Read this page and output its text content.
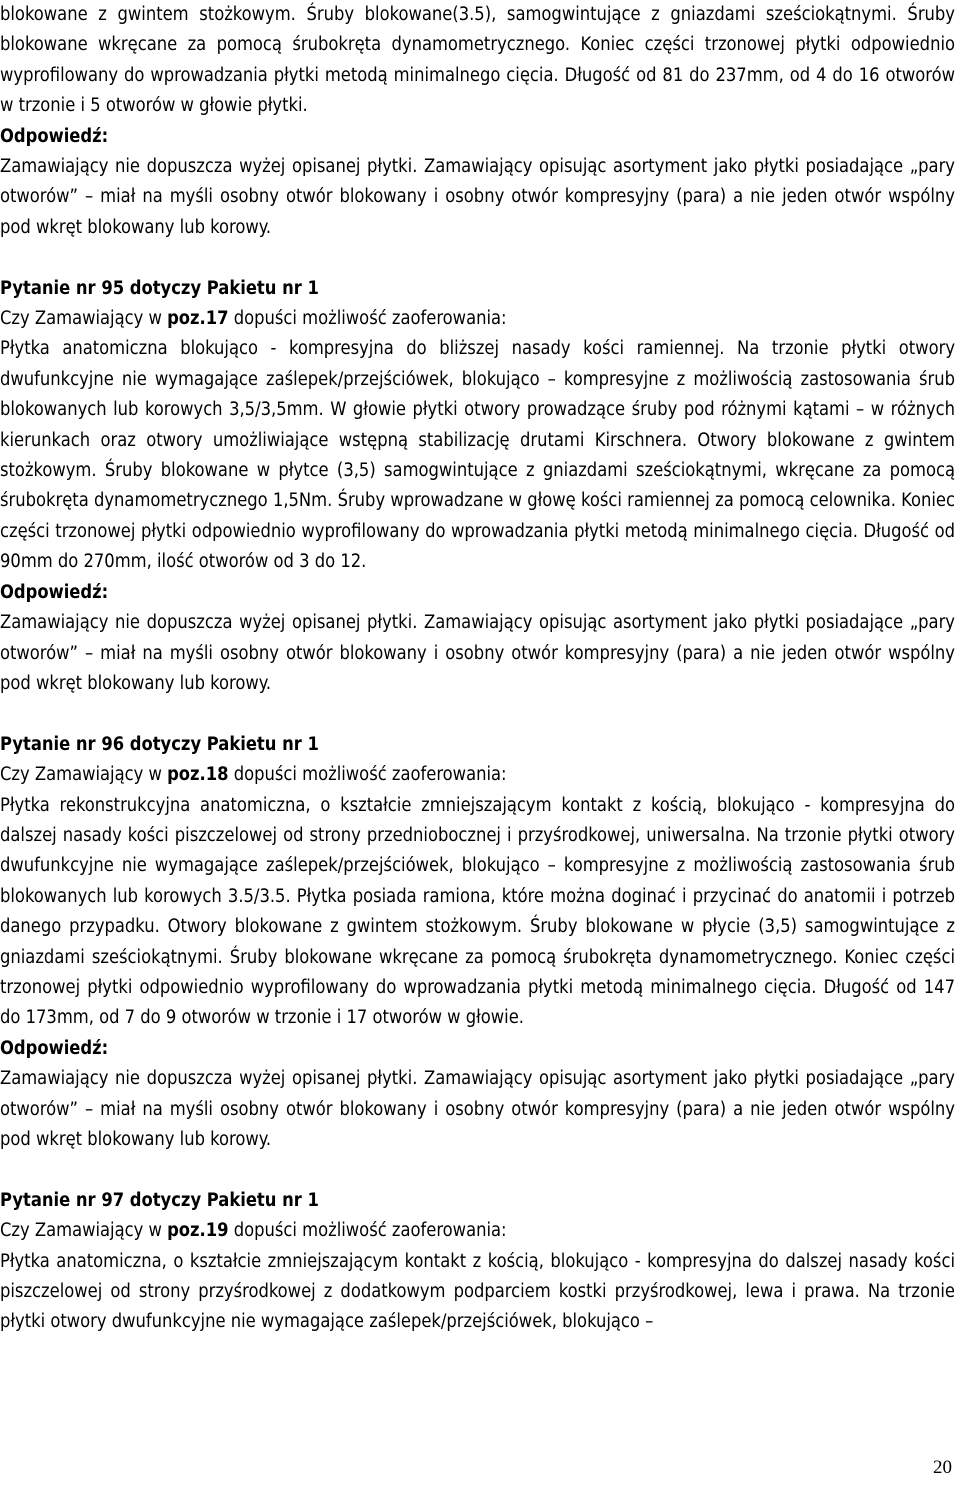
blokowane z gwintem stożkowym. Śruby blokowane(3.5), samogwintujące z gniazdami sześciokątnymi. Śruby blokowane wkręcane za pomocą śrubokręta dynamometrycznego. Koniec części trzonowej płytki odpowiednio wyprofilowany do wprowadzania płytki metodą minimalnego cięcia. Długość od 81 do 237mm, od 4 do 16 otworów w trzonie i 5 otworów w głowie płytki.

Odpowiedź:

Zamawiający nie dopuszcza wyżej opisanej płytki. Zamawiający opisując asortyment jako płytki posiadające „pary otworów” – miał na myśli osobny otwór blokowany i osobny otwór kompresyjny (para) a nie jeden otwór wspólny pod wkręt blokowany lub korowy.

Pytanie nr 95 dotyczy Pakietu nr 1

Czy Zamawiający w poz.17 dopuści możliwość zaoferowania:

Płytka anatomiczna blokująco - kompresyjna do bliższej nasady kości ramiennej. Na trzonie płytki otwory dwufunkcyjne nie wymagające zaślepek/przejściówek, blokująco – kompresyjne z możliwością zastosowania śrub blokowanych lub korowych 3,5/3,5mm. W głowie płytki otwory prowadzące śruby pod różnymi kątami – w różnych kierunkach oraz otwory umożliwiające wstępną stabilizację drutami Kirschnera. Otwory blokowane z gwintem stożkowym. Śruby blokowane w płytce (3,5) samogwintujące z gniazdami sześciokątnymi, wkręcane za pomocą śrubokręta dynamometrycznego 1,5Nm. Śruby wprowadzane w głowę kości ramiennej za pomocą celownika. Koniec części trzonowej płytki odpowiednio wyprofilowany do wprowadzania płytki metodą minimalnego cięcia. Długość od 90mm do 270mm, ilość otworów od 3 do 12.

Odpowiedź:

Zamawiający nie dopuszcza wyżej opisanej płytki. Zamawiający opisując asortyment jako płytki posiadające „pary otworów” – miał na myśli osobny otwór blokowany i osobny otwór kompresyjny (para) a nie jeden otwór wspólny pod wkręt blokowany lub korowy.

Pytanie nr 96 dotyczy Pakietu nr 1

Czy Zamawiający w poz.18 dopuści możliwość zaoferowania:

Płytka rekonstrukcyjna anatomiczna, o kształcie zmniejszającym kontakt z kością, blokująco - kompresyjna do dalszej nasady kości piszczelowej od strony przedniobocznej i przyśrodkowej, uniwersalna. Na trzonie płytki otwory dwufunkcyjne nie wymagające zaślepek/przejściówek, blokująco – kompresyjne z możliwością zastosowania śrub blokowanych lub korowych 3.5/3.5. Płytka posiada ramiona, które można doginać i przycinać do anatomii i potrzeb danego przypadku. Otwory blokowane z gwintem stożkowym. Śruby blokowane w płycie (3,5) samogwintujące z gniazdami sześciokątnymi. Śruby blokowane wkręcane za pomocą śrubokręta dynamometrycznego. Koniec części trzonowej płytki odpowiednio wyprofilowany do wprowadzania płytki metodą minimalnego cięcia. Długość od 147 do 173mm, od 7 do 9 otworów w trzonie i 17 otworów w głowie.

Odpowiedź:

Zamawiający nie dopuszcza wyżej opisanej płytki. Zamawiający opisując asortyment jako płytki posiadające „pary otworów” – miał na myśli osobny otwór blokowany i osobny otwór kompresyjny (para) a nie jeden otwór wspólny pod wkręt blokowany lub korowy.

Pytanie nr 97 dotyczy Pakietu nr 1

Czy Zamawiający w poz.19 dopuści możliwość zaoferowania:

Płytka anatomiczna, o kształcie zmniejszającym kontakt z kością, blokująco - kompresyjna do dalszej nasady kości piszczelowej od strony przyśrodkowej z dodatkowym podparciem kostki przyśrodkowej, lewa i prawa. Na trzonie płytki otwory dwufunkcyjne nie wymagające zaślepek/przejściówek, blokująco –

20
